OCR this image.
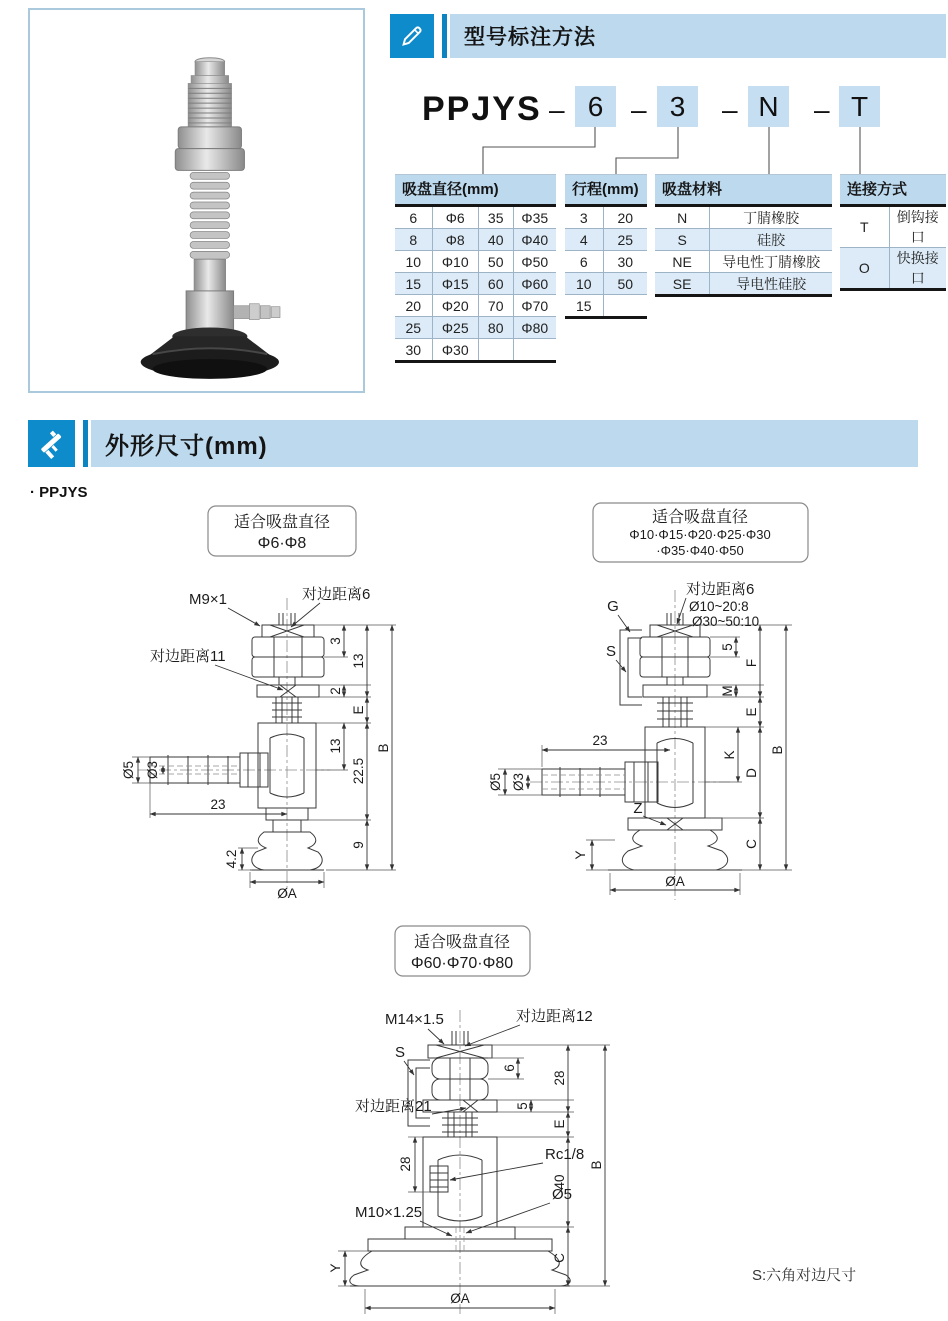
型号标注方法
PPJYS – 6 – 3	– N	– T
吸盘直径(mm)
6	Φ6	35	Φ35
8	Φ8	40	Φ40
10	Φ10	50	Φ50
15	Φ15	60	Φ60
20	Φ20	70	Φ70
25	Φ25	80	Φ80
30	Φ30		
行程(mm)
3	20
4	25
6	30
10	50
15	
吸盘材料
N	丁腈橡胶
S	硅胶
NE	导电性丁腈橡胶
SE	导电性硅胶
连接方式
T	倒钩接口
O	快换接口
外形尺寸(mm)
· PPJYS
适合吸盘直径
Φ6·Φ8
3
13
2
E
13
22.5
9
B
Ø5 Ø3
4.2
23
ØA
M9×1	对边距离6
对边距离11
适合吸盘直径
Φ10·Φ15·Φ20·Φ25·Φ30
·Φ35·Φ40·Φ50
5
F
M
E
K
D
C
B
23
Ø5 Ø3
Y
ØA
对边距离6
Ø10~20:8
Ø30~50:10
G
S
Z
适合吸盘直径
Φ60·Φ70·Φ80
6
28
5
E
28
40
C
B
Y
ØA
M14×1.5	对边距离12
S
对边距离21
Rc1/8
Ø5
M10×1.25
S:六角对边尺寸
